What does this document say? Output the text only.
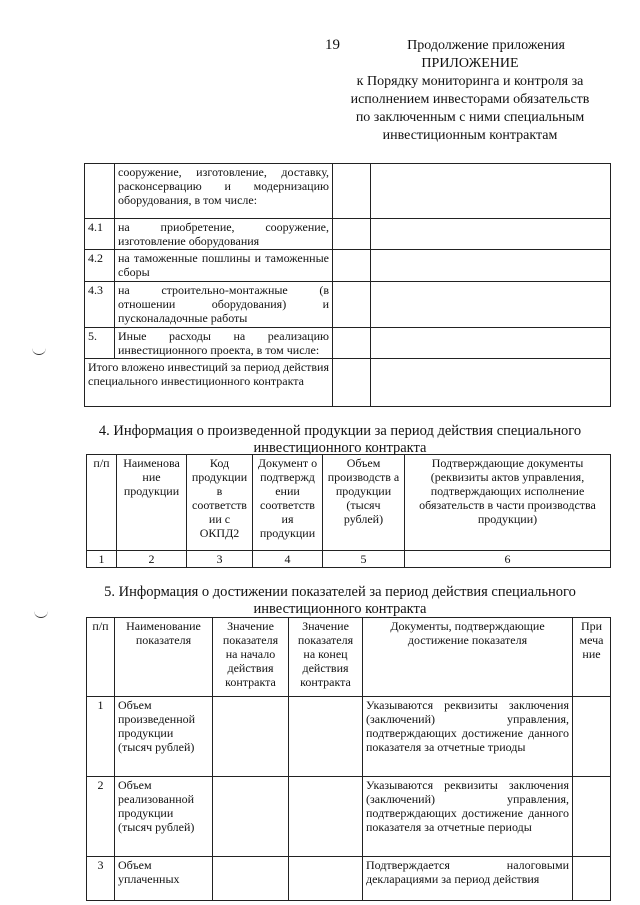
19	Продолжение приложения
ПРИЛОЖЕНИЕ
к Порядку мониторинга и контроля за
исполнением инвесторами обязательств
по заключенным с ними специальным
инвестиционным контрактам
	сооружение, изготовление, доставку, расконсервацию и модернизацию оборудования, в том числе:		
4.1	на приобретение, сооружение, изготовление оборудования		
4.2	на таможенные пошлины и таможенные сборы		
4.3	на строительно-монтажные (в отношении оборудования) и пусконаладочные работы		
5.	Иные расходы на реализацию инвестиционного проекта, в том числе:		
Итого вложено инвестиций за период действия специального инвестиционного контракта			
4. Информация о произведенной продукции за период действия специального
инвестиционного контракта
п/п	Наименова ние продукции	Код продукции в соответств ии с ОКПД2	Документ о подтвержд ении соответств ия продукции	Объем производств а продукции (тысяч рублей)	Подтверждающие документы (реквизиты актов управления, подтверждающих исполнение обязательств в части производства продукции)
1	2	3	4	5	6
5. Информация о достижении показателей за период действия специального
инвестиционного контракта
п/п	Наименование показателя	Значение показателя на начало действия контракта	Значение показателя на конец действия контракта	Документы, подтверждающие достижение показателя	При меча ние
1	Объем произведенной продукции (тысяч рублей)			Указываются реквизиты заключения (заключений) управления, подтверждающих достижение данного показателя за отчетные триоды	
2	Объем реализованной продукции (тысяч рублей)			Указываются реквизиты заключения (заключений) управления, подтверждающих достижение данного показателя за отчетные периоды	
3	Объем уплаченных			Подтверждается налоговыми декларациями за период действия	
